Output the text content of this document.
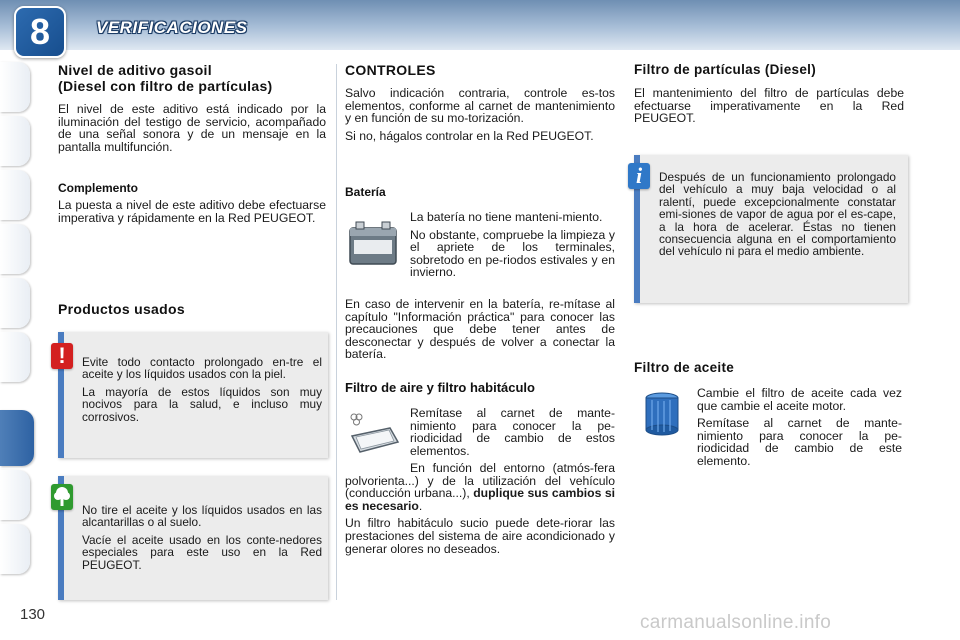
8	VERIFICACIONES
Nivel de aditivo gasoil
(Diesel con filtro de partículas)

El nivel de este aditivo está indicado por la iluminación del testigo de servicio, acompañado de una señal sonora y de un mensaje en la pantalla multifunción.

Complemento

La puesta a nivel de este aditivo debe efectuarse imperativa y rápidamente en la Red PEUGEOT.

Productos usados
!	Evite todo contacto prolongado en-tre el aceite y los líquidos usados con la piel.

La mayoría de estos líquidos son muy nocivos para la salud, e incluso muy corrosivos.

No tire el aceite y los líquidos usados en las alcantarillas o al suelo.

Vacíe el aceite usado en los conte-nedores especiales para este uso en la Red PEUGEOT.

CONTROLES

Salvo indicación contraria, controle es-tos elementos, conforme al carnet de mantenimiento y en función de su mo-torización.

Si no, hágalos controlar en la Red PEUGEOT.

Batería

La batería no tiene manteni-miento.

No obstante, compruebe la limpieza y el apriete de los terminales, sobretodo en pe-riodos estivales y en invierno.

En caso de intervenir en la batería, re-mítase al capítulo "Información práctica" para conocer las precauciones que debe tener antes de desconectar y después de volver a conectar la batería.

Filtro de aire y filtro habitáculo

Remítase al carnet de mante-nimiento para conocer la pe-riodicidad de cambio de estos elementos.

En función del entorno (atmós-fera polvorienta...) y de la utilización del vehículo (conducción urbana...), duplique sus cambios si es necesario.

Un filtro habitáculo sucio puede dete-riorar las prestaciones del sistema de aire acondicionado y generar olores no deseados.

Filtro de partículas (Diesel)

El mantenimiento del filtro de partículas debe efectuarse imperativamente en la Red PEUGEOT.

i	Después de un funcionamiento prolongado del vehículo a muy baja velocidad o al ralentí, puede excepcionalmente constatar emi-siones de vapor de agua por el es-cape, a la hora de acelerar. Éstas no tienen consecuencia alguna en el comportamiento del vehículo ni para el medio ambiente.

Filtro de aceite

Cambie el filtro de aceite cada vez que cambie el aceite motor.

Remítase al carnet de mante-nimiento para conocer la pe-riodicidad de cambio de este elemento.

130	carmanualsonline.info
